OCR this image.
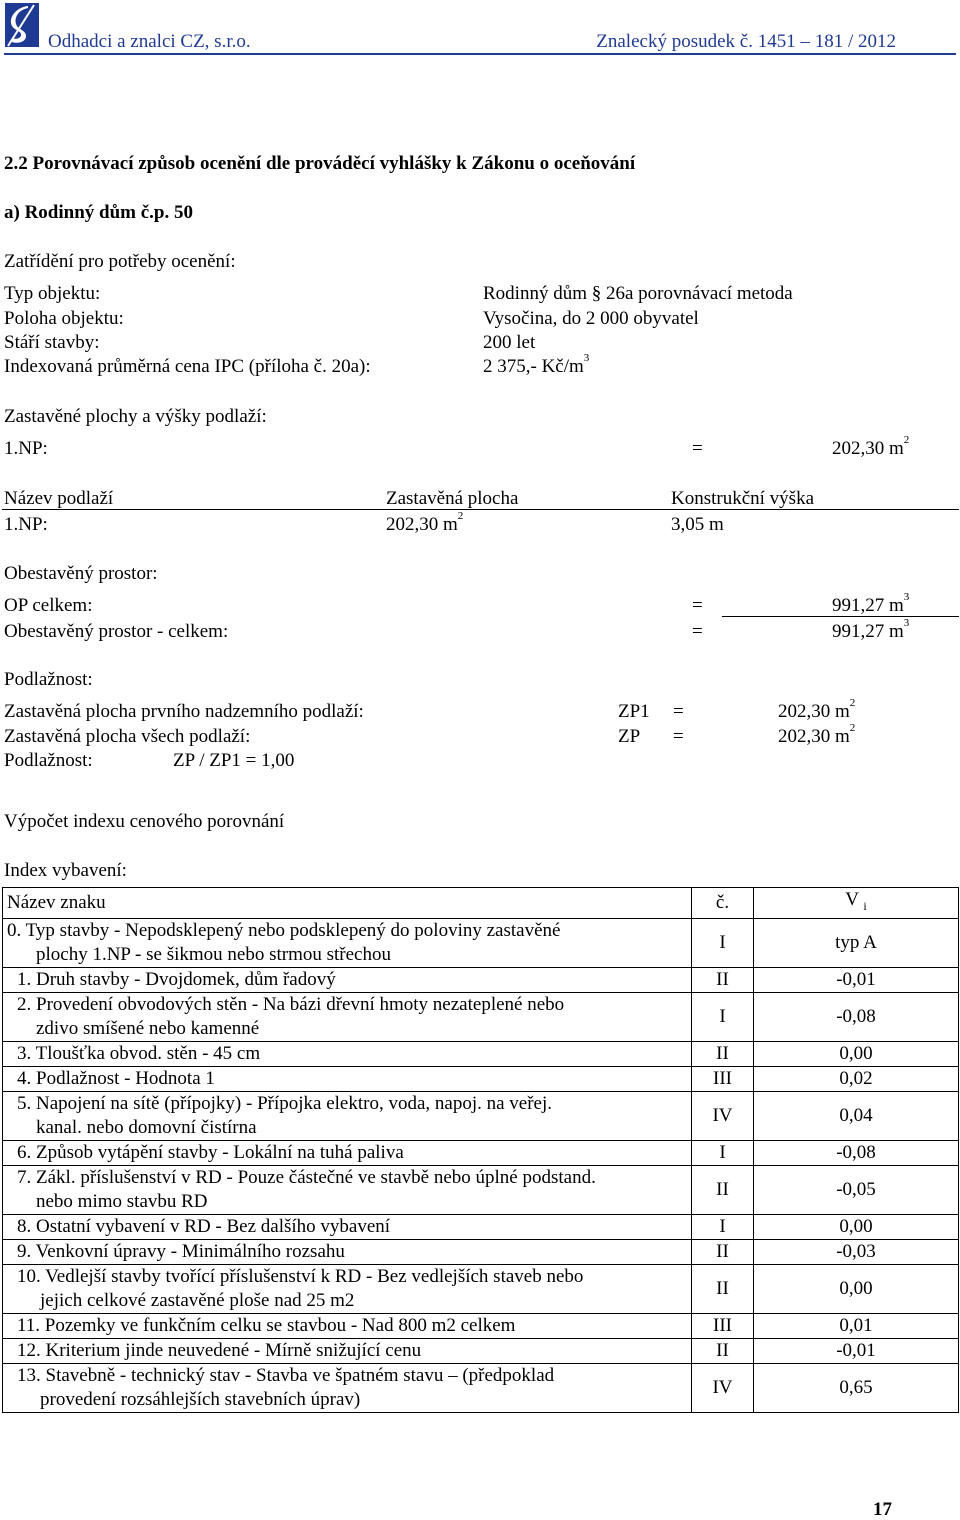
Odhadci a znalci CZ, s.r.o.	Znalecký posudek č. 1451 – 181 / 2012
2.2 Porovnávací způsob ocenění dle prováděcí vyhlášky k Zákonu o oceňování
a) Rodinný dům č.p. 50
Zatřídění pro potřeby ocenění:
Typ objektu:	Rodinný dům § 26a porovnávací metoda
Poloha objektu:	Vysočina, do 2 000 obyvatel
Stáří stavby:	200 let
Indexovaná průměrná cena IPC (příloha č. 20a):	2 375,- $Kč/m^3$
Zastavěné plochy a výšky podlaží:
1.NP:	=	202,30 $m^2$
Název podlaží	Zastavěná plocha	Konstrukční výška
1.NP:	202,30 $m^2$	3,05 m
Obestavěný prostor:
OP celkem:	=	991,27 $m^3$
Obestavěný prostor - celkem:	=	991,27 $m^3$
Podlažnost:
Zastavěná plocha prvního nadzemního podlaží:	ZP1 =	202,30 $m^2$
Zastavěná plocha všech podlaží:	ZP =	202,30 $m^2$
Podlažnost:	ZP / ZP1 = 1,00
Výpočet indexu cenového porovnání
Index vybavení:
Název znaku	č.	V $_i$

0. Typ stavby - Nepodsklepený nebo podsklepený do poloviny zastavěné
plochy 1.NP - se šikmou nebo strmou střechou	I	typ A

1. Druh stavby - Dvojdomek, dům řadový	II	-0,01

2. Provedení obvodových stěn - Na bázi dřevní hmoty nezateplené nebo
zdivo smíšené nebo kamenné	I	-0,08

3. Tloušťka obvod. stěn - 45 cm	II	0,00

4. Podlažnost - Hodnota 1	III	0,02

5. Napojení na sítě (přípojky) - Přípojka elektro, voda, napoj. na veřej.
kanal. nebo domovní čistírna	IV	0,04

6. Způsob vytápění stavby - Lokální na tuhá paliva	I	-0,08

7. Zákl. příslušenství v RD - Pouze částečné ve stavbě nebo úplné podstand.
nebo mimo stavbu RD	II	-0,05

8. Ostatní vybavení v RD - Bez dalšího vybavení	I	0,00

9. Venkovní úpravy - Minimálního rozsahu	II	-0,03

10. Vedlejší stavby tvořící příslušenství k RD - Bez vedlejších staveb nebo
jejich celkové zastavěné ploše nad 25 m2	II	0,00

11. Pozemky ve funkčním celku se stavbou - Nad 800 m2 celkem	III	0,01

12. Kriterium jinde neuvedené - Mírně snižující cenu	II	-0,01

13. Stavebně - technický stav - Stavba ve špatném stavu – (předpoklad
provedení rozsáhlejších stavebních úprav)	IV	0,65
17
